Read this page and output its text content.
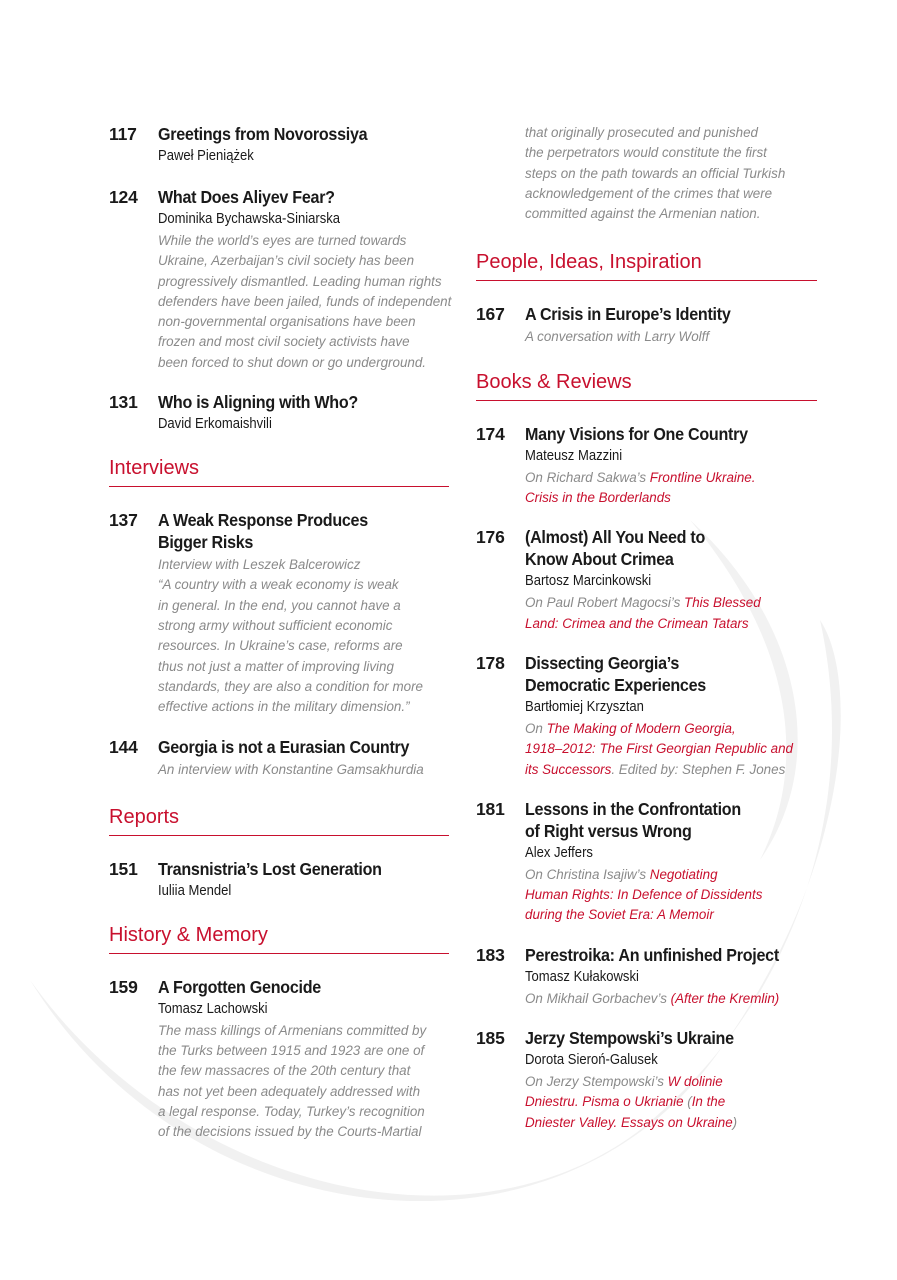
117	Greetings from Novorossiya
Paweł Pieniążek
124	What Does Aliyev Fear?
Dominika Bychawska-Siniarska
While the world’s eyes are turned towards
Ukraine, Azerbaijan’s civil society has been
progressively dismantled. Leading human rights
defenders have been jailed, funds of independent
non-governmental organisations have been
frozen and most civil society activists have
been forced to shut down or go underground.
131	Who is Aligning with Who?
David Erkomaishvili
Interviews
137	A Weak Response Produces
Bigger Risks
Interview with Leszek Balcerowicz
“A country with a weak economy is weak
in general. In the end, you cannot have a
strong army without sufficient economic
resources. In Ukraine’s case, reforms are
thus not just a matter of improving living
standards, they are also a condition for more
effective actions in the military dimension.”
144	Georgia is not a Eurasian Country
An interview with Konstantine Gamsakhurdia
Reports
151	Transnistria’s Lost Generation
Iuliia Mendel
History & Memory
159	A Forgotten Genocide
Tomasz Lachowski
The mass killings of Armenians committed by
the Turks between 1915 and 1923 are one of
the few massacres of the 20th century that
has not yet been adequately addressed with
a legal response. Today, Turkey’s recognition
of the decisions issued by the Courts-Martial
that originally prosecuted and punished
the perpetrators would constitute the first
steps on the path towards an official Turkish
acknowledgement of the crimes that were
committed against the Armenian nation.
People, Ideas, Inspiration
167	A Crisis in Europe’s Identity
A conversation with Larry Wolff
Books & Reviews
174	Many Visions for One Country
Mateusz Mazzini
On Richard Sakwa’s Frontline Ukraine.
Crisis in the Borderlands
176	(Almost) All You Need to
Know About Crimea
Bartosz Marcinkowski
On Paul Robert Magocsi’s This Blessed
Land: Crimea and the Crimean Tatars
178	Dissecting Georgia’s
Democratic Experiences
Bartłomiej Krzysztan
On The Making of Modern Georgia,
1918–2012: The First Georgian Republic and
its Successors. Edited by: Stephen F. Jones
181	Lessons in the Confrontation
of Right versus Wrong
Alex Jeffers
On Christina Isajiw’s Negotiating
Human Rights: In Defence of Dissidents
during the Soviet Era: A Memoir
183	Perestroika: An unfinished Project
Tomasz Kułakowski
On Mikhail Gorbachev’s (After the Kremlin)
185	Jerzy Stempowski’s Ukraine
Dorota Sieroń-Galusek
On Jerzy Stempowski’s W dolinie
Dniestru. Pisma o Ukrianie (In the
Dniester Valley. Essays on Ukraine)
